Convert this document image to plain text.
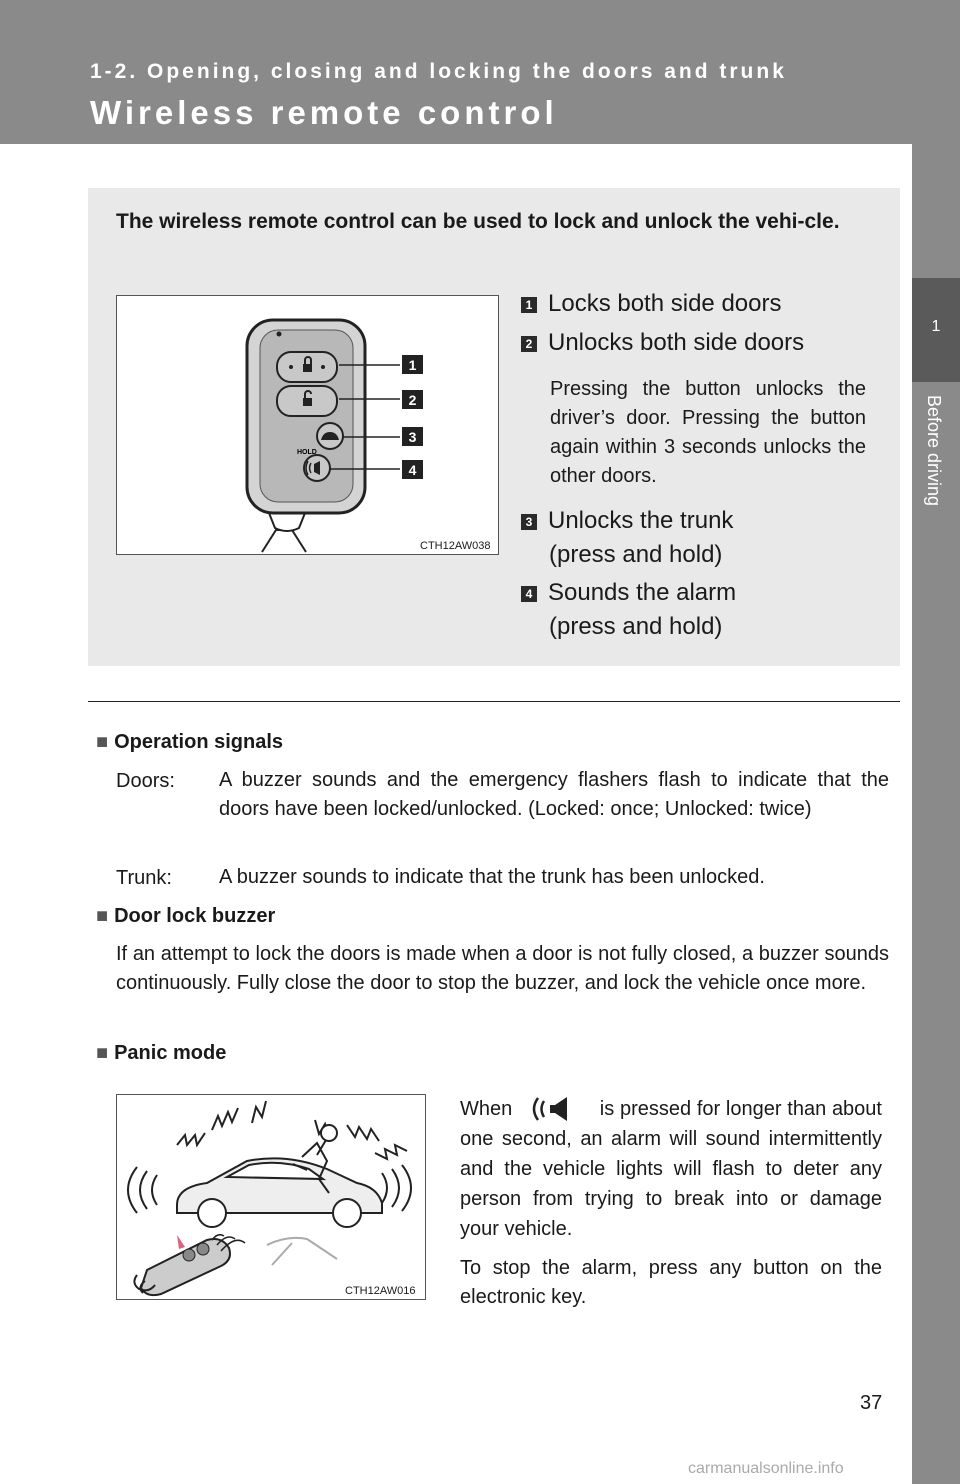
1-2. Opening, closing and locking the doors and trunk
Wireless remote control
1
Before driving
The wireless remote control can be used to lock and unlock the vehi-cle.
HOLD
1
2
3
4
CTH12AW038
1 Locks both side doors
2 Unlocks both side doors
Pressing the button unlocks the driver’s door. Pressing the button again within 3 seconds unlocks the other doors.
3 Unlocks the trunk
(press and hold)
4 Sounds the alarm
(press and hold)
■ Operation signals
Doors: A buzzer sounds and the emergency flashers flash to indicate that the doors have been locked/unlocked. (Locked: once; Unlocked: twice)
Trunk: A buzzer sounds to indicate that the trunk has been unlocked.
■ Door lock buzzer
If an attempt to lock the doors is made when a door is not fully closed, a buzzer sounds continuously. Fully close the door to stop the buzzer, and lock the vehicle once more.
■ Panic mode
CTH12AW016
When	is pressed for longer than about one second, an alarm will sound intermittently and the vehicle lights will flash to deter any person from trying to break into or damage your vehicle.
To stop the alarm, press any button on the electronic key.
37
carmanualsonline.info
